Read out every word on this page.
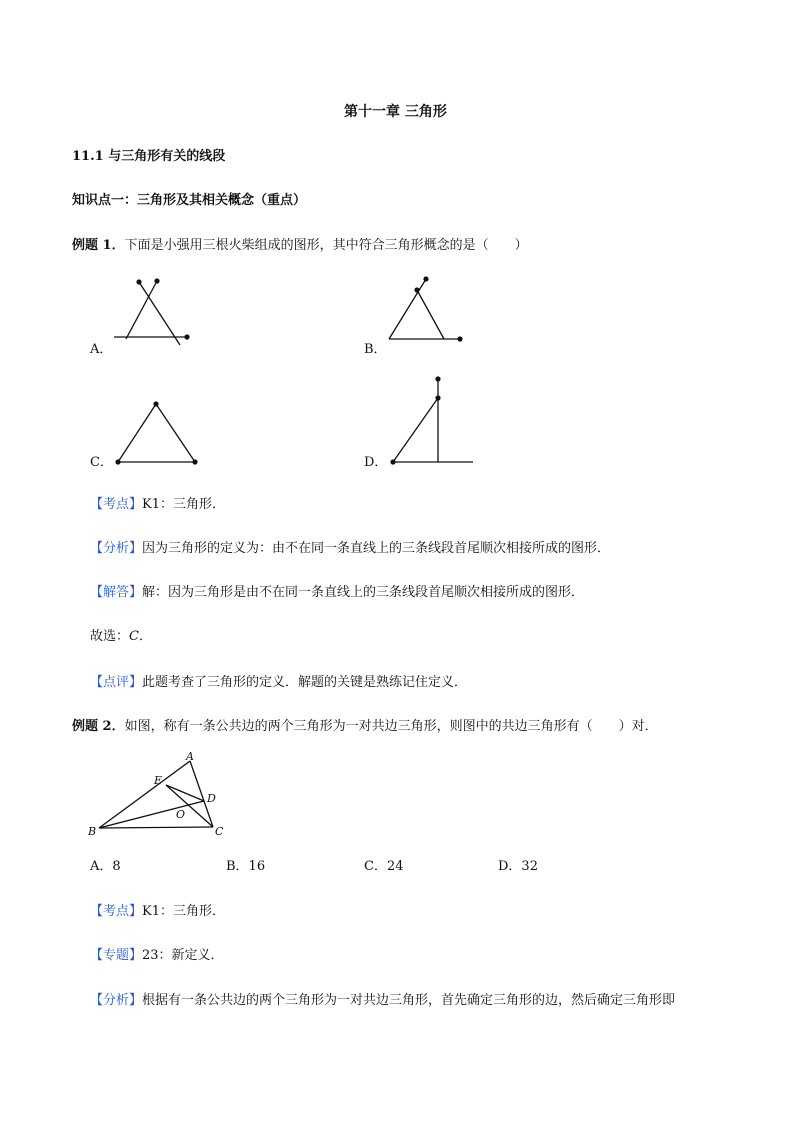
第十一章 三角形
11.1 与三角形有关的线段
知识点一：三角形及其相关概念（重点）
例题 1．下面是小强用三根火柴组成的图形，其中符合三角形概念的是（　　）
A．	B．
C．	D．
【考点】K1：三角形．
【分析】因为三角形的定义为：由不在同一条直线上的三条线段首尾顺次相接所成的图形．
【解答】解：因为三角形是由不在同一条直线上的三条线段首尾顺次相接所成的图形．
故选：C．
【点评】此题考查了三角形的定义．解题的关键是熟练记住定义．
例题 2．如图，称有一条公共边的两个三角形为一对共边三角形，则图中的共边三角形有（　　）对．
A
E
D
O
B	C
A．8	B．16	C．24	D．32
【考点】K1：三角形．
【专题】23：新定义．
【分析】根据有一条公共边的两个三角形为一对共边三角形，首先确定三角形的边，然后确定三角形即
